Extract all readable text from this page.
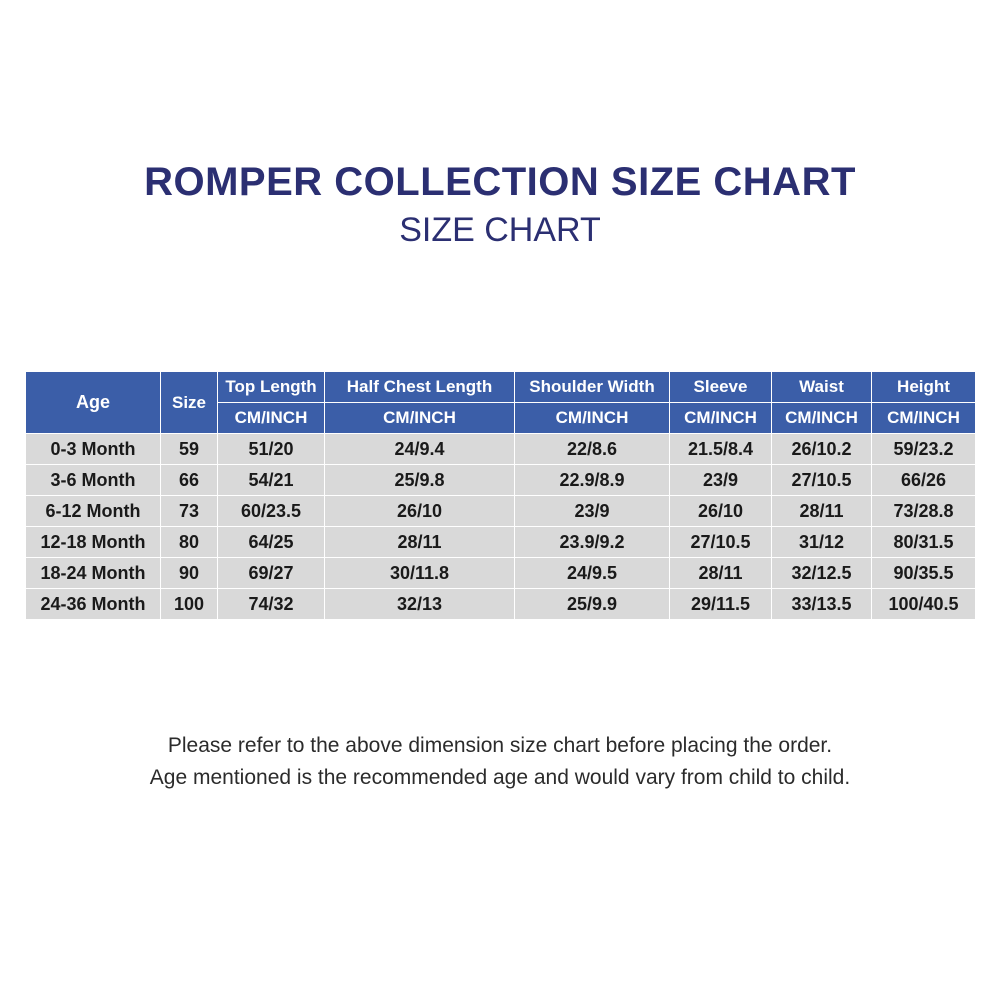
ROMPER COLLECTION SIZE CHART
SIZE CHART
Age	Size	Top Length	Half Chest Length	Shoulder Width	Sleeve	Waist	Height
		CM/INCH	CM/INCH	CM/INCH	CM/INCH	CM/INCH	CM/INCH
0-3 Month	59	51/20	24/9.4	22/8.6	21.5/8.4	26/10.2	59/23.2
3-6 Month	66	54/21	25/9.8	22.9/8.9	23/9	27/10.5	66/26
6-12 Month	73	60/23.5	26/10	23/9	26/10	28/11	73/28.8
12-18 Month	80	64/25	28/11	23.9/9.2	27/10.5	31/12	80/31.5
18-24 Month	90	69/27	30/11.8	24/9.5	28/11	32/12.5	90/35.5
24-36 Month	100	74/32	32/13	25/9.9	29/11.5	33/13.5	100/40.5
Please refer to the above dimension size chart before placing the order.
Age mentioned is the recommended age and would vary from child to child.
